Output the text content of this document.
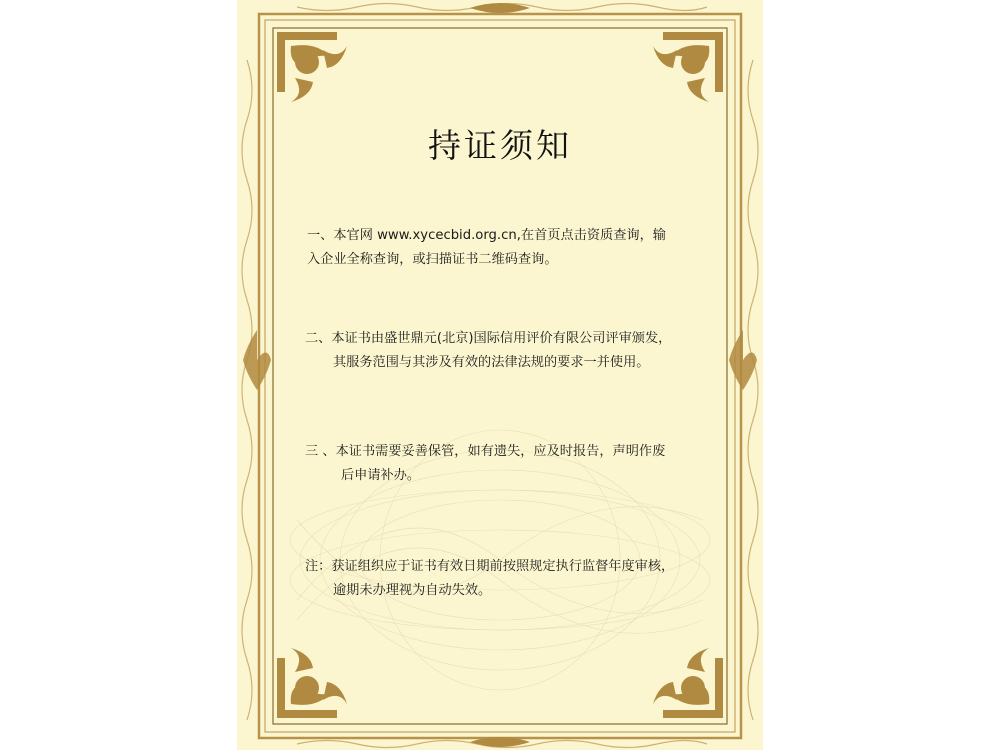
持证须知
一、本官网 www.xycecbid.org.cn,在首页点击资质查询，输
入企业全称查询，或扫描证书二维码查询。
二、本证书由盛世鼎元(北京)国际信用评价有限公司评审颁发，
其服务范围与其涉及有效的法律法规的要求一并使用。
三 、本证书需要妥善保管，如有遗失，应及时报告，声明作废
后申请补办。
注：获证组织应于证书有效日期前按照规定执行监督年度审核，
逾期未办理视为自动失效。
